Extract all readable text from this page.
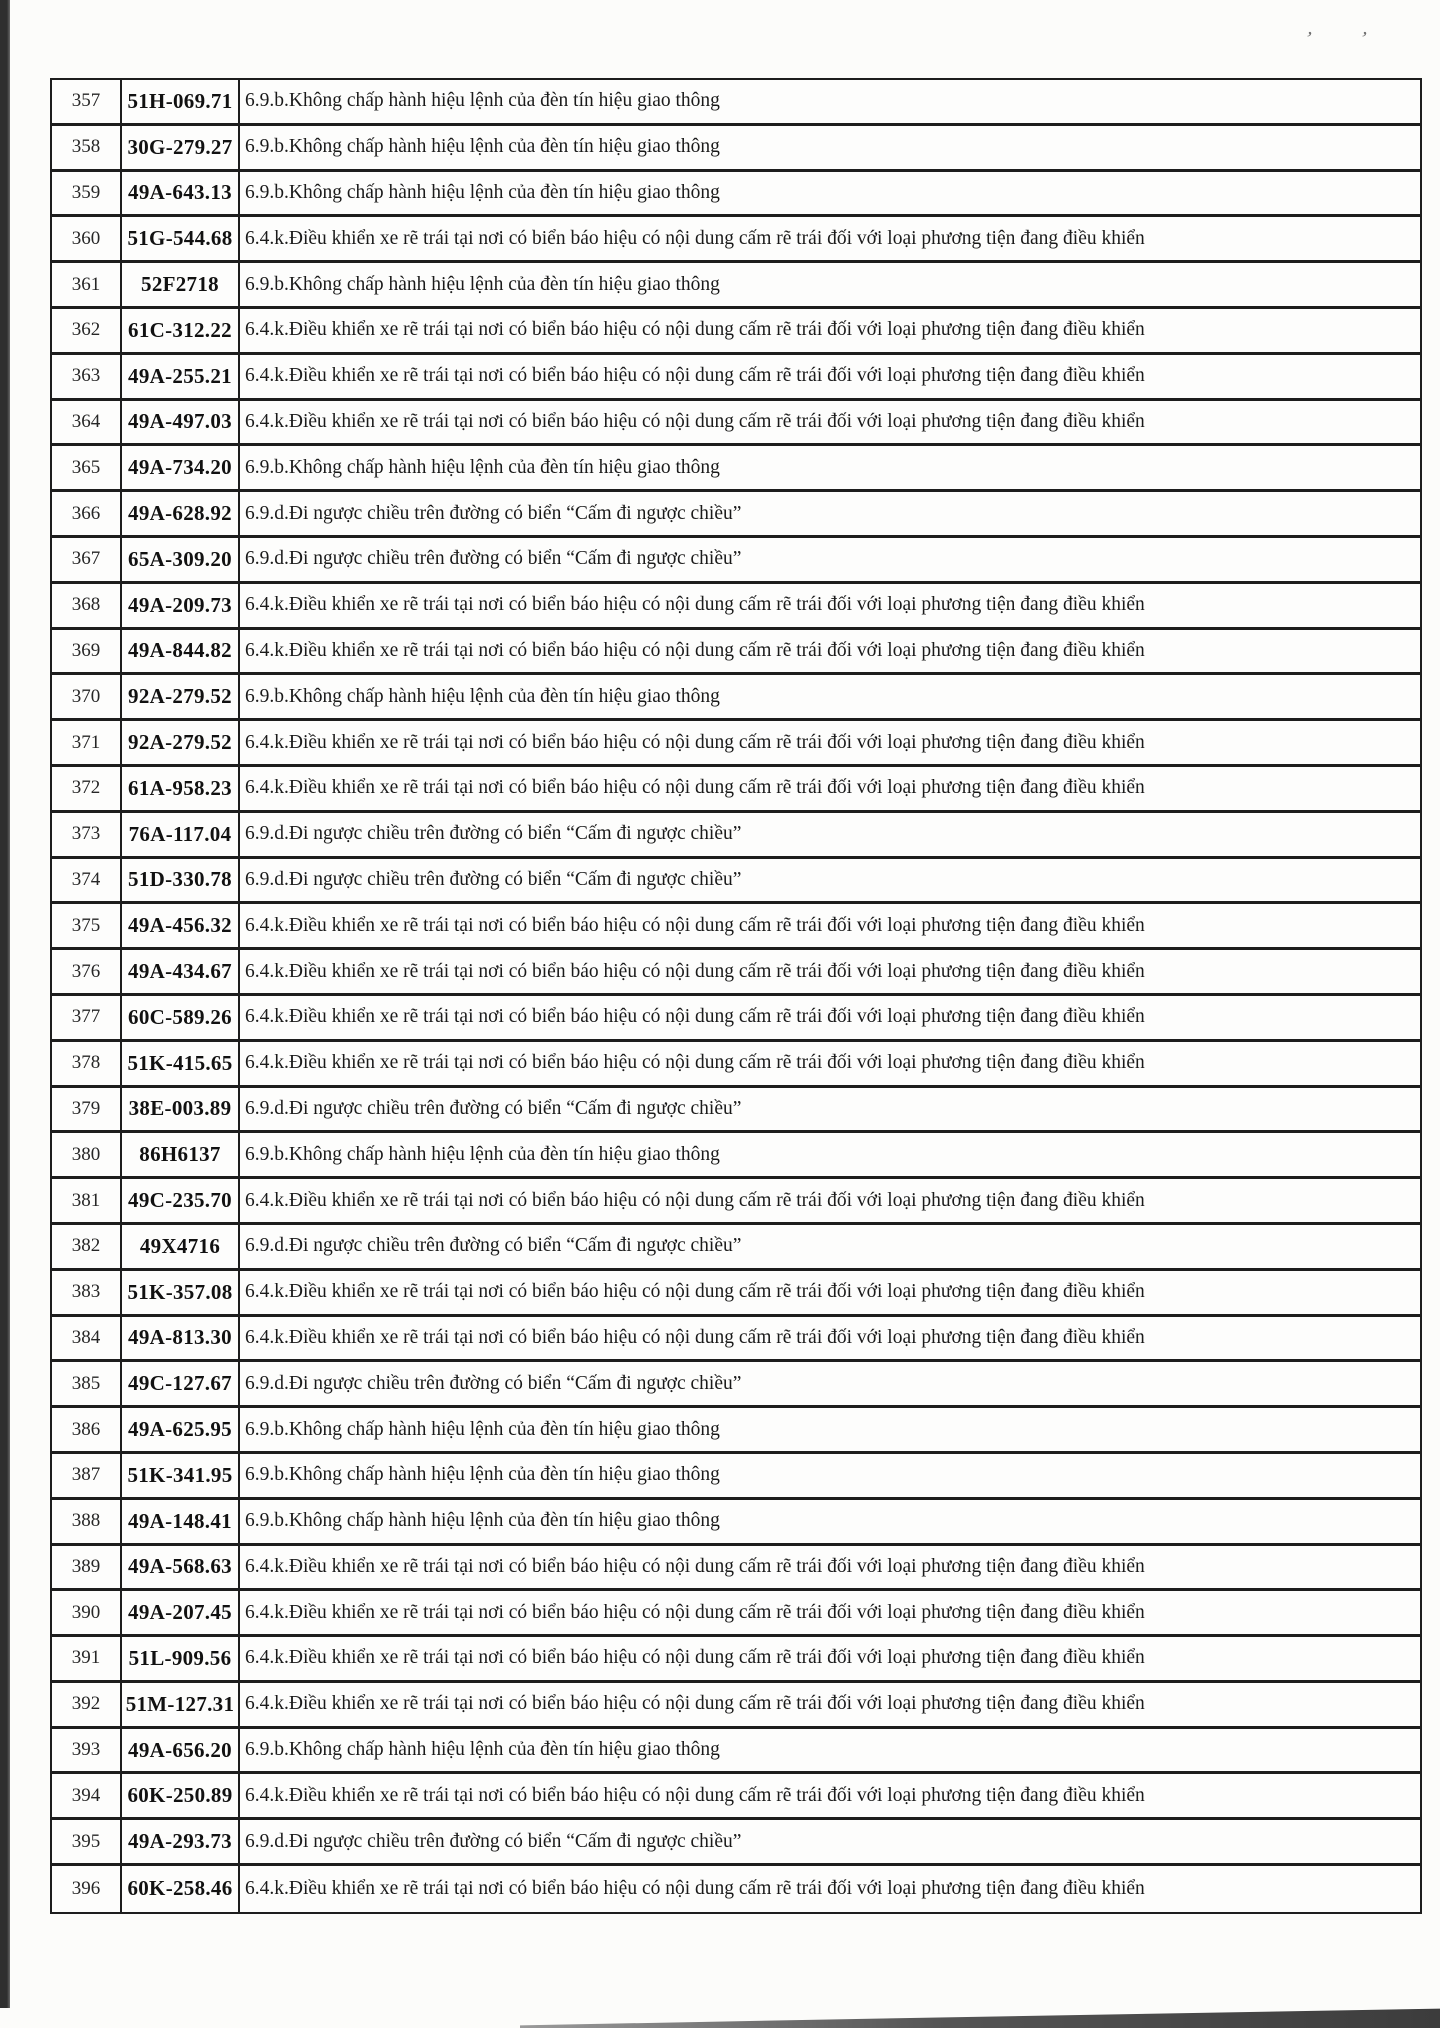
’ ’
357	51H-069.71 6.9.b.Không chấp hành hiệu lệnh của đèn tín hiệu giao thông
358	30G-279.27 6.9.b.Không chấp hành hiệu lệnh của đèn tín hiệu giao thông
359	49A-643.13 6.9.b.Không chấp hành hiệu lệnh của đèn tín hiệu giao thông
360	51G-544.68 6.4.k.Điều khiển xe rẽ trái tại nơi có biển báo hiệu có nội dung cấm rẽ trái đối với loại phương tiện đang điều khiển
361	52F2718	6.9.b.Không chấp hành hiệu lệnh của đèn tín hiệu giao thông
362	61C-312.22 6.4.k.Điều khiển xe rẽ trái tại nơi có biển báo hiệu có nội dung cấm rẽ trái đối với loại phương tiện đang điều khiển
363	49A-255.21 6.4.k.Điều khiển xe rẽ trái tại nơi có biển báo hiệu có nội dung cấm rẽ trái đối với loại phương tiện đang điều khiển
364	49A-497.03 6.4.k.Điều khiển xe rẽ trái tại nơi có biển báo hiệu có nội dung cấm rẽ trái đối với loại phương tiện đang điều khiển
365	49A-734.20 6.9.b.Không chấp hành hiệu lệnh của đèn tín hiệu giao thông
366	49A-628.92 6.9.d.Đi ngược chiều trên đường có biển “Cấm đi ngược chiều”
367	65A-309.20 6.9.d.Đi ngược chiều trên đường có biển “Cấm đi ngược chiều”
368	49A-209.73 6.4.k.Điều khiển xe rẽ trái tại nơi có biển báo hiệu có nội dung cấm rẽ trái đối với loại phương tiện đang điều khiển
369	49A-844.82 6.4.k.Điều khiển xe rẽ trái tại nơi có biển báo hiệu có nội dung cấm rẽ trái đối với loại phương tiện đang điều khiển
370	92A-279.52 6.9.b.Không chấp hành hiệu lệnh của đèn tín hiệu giao thông
371	92A-279.52 6.4.k.Điều khiển xe rẽ trái tại nơi có biển báo hiệu có nội dung cấm rẽ trái đối với loại phương tiện đang điều khiển
372	61A-958.23 6.4.k.Điều khiển xe rẽ trái tại nơi có biển báo hiệu có nội dung cấm rẽ trái đối với loại phương tiện đang điều khiển
373	76A-117.04 6.9.d.Đi ngược chiều trên đường có biển “Cấm đi ngược chiều”
374	51D-330.78 6.9.d.Đi ngược chiều trên đường có biển “Cấm đi ngược chiều”
375	49A-456.32 6.4.k.Điều khiển xe rẽ trái tại nơi có biển báo hiệu có nội dung cấm rẽ trái đối với loại phương tiện đang điều khiển
376	49A-434.67 6.4.k.Điều khiển xe rẽ trái tại nơi có biển báo hiệu có nội dung cấm rẽ trái đối với loại phương tiện đang điều khiển
377	60C-589.26 6.4.k.Điều khiển xe rẽ trái tại nơi có biển báo hiệu có nội dung cấm rẽ trái đối với loại phương tiện đang điều khiển
378	51K-415.65 6.4.k.Điều khiển xe rẽ trái tại nơi có biển báo hiệu có nội dung cấm rẽ trái đối với loại phương tiện đang điều khiển
379	38E-003.89 6.9.d.Đi ngược chiều trên đường có biển “Cấm đi ngược chiều”
380	86H6137	6.9.b.Không chấp hành hiệu lệnh của đèn tín hiệu giao thông
381	49C-235.70 6.4.k.Điều khiển xe rẽ trái tại nơi có biển báo hiệu có nội dung cấm rẽ trái đối với loại phương tiện đang điều khiển
382	49X4716	6.9.d.Đi ngược chiều trên đường có biển “Cấm đi ngược chiều”
383	51K-357.08 6.4.k.Điều khiển xe rẽ trái tại nơi có biển báo hiệu có nội dung cấm rẽ trái đối với loại phương tiện đang điều khiển
384	49A-813.30 6.4.k.Điều khiển xe rẽ trái tại nơi có biển báo hiệu có nội dung cấm rẽ trái đối với loại phương tiện đang điều khiển
385	49C-127.67 6.9.d.Đi ngược chiều trên đường có biển “Cấm đi ngược chiều”
386	49A-625.95 6.9.b.Không chấp hành hiệu lệnh của đèn tín hiệu giao thông
387	51K-341.95 6.9.b.Không chấp hành hiệu lệnh của đèn tín hiệu giao thông
388	49A-148.41 6.9.b.Không chấp hành hiệu lệnh của đèn tín hiệu giao thông
389	49A-568.63 6.4.k.Điều khiển xe rẽ trái tại nơi có biển báo hiệu có nội dung cấm rẽ trái đối với loại phương tiện đang điều khiển
390	49A-207.45 6.4.k.Điều khiển xe rẽ trái tại nơi có biển báo hiệu có nội dung cấm rẽ trái đối với loại phương tiện đang điều khiển
391	51L-909.56 6.4.k.Điều khiển xe rẽ trái tại nơi có biển báo hiệu có nội dung cấm rẽ trái đối với loại phương tiện đang điều khiển
392	51M-127.31 6.4.k.Điều khiển xe rẽ trái tại nơi có biển báo hiệu có nội dung cấm rẽ trái đối với loại phương tiện đang điều khiển
393	49A-656.20 6.9.b.Không chấp hành hiệu lệnh của đèn tín hiệu giao thông
394	60K-250.89 6.4.k.Điều khiển xe rẽ trái tại nơi có biển báo hiệu có nội dung cấm rẽ trái đối với loại phương tiện đang điều khiển
395	49A-293.73 6.9.d.Đi ngược chiều trên đường có biển “Cấm đi ngược chiều”
396	60K-258.46 6.4.k.Điều khiển xe rẽ trái tại nơi có biển báo hiệu có nội dung cấm rẽ trái đối với loại phương tiện đang điều khiển
